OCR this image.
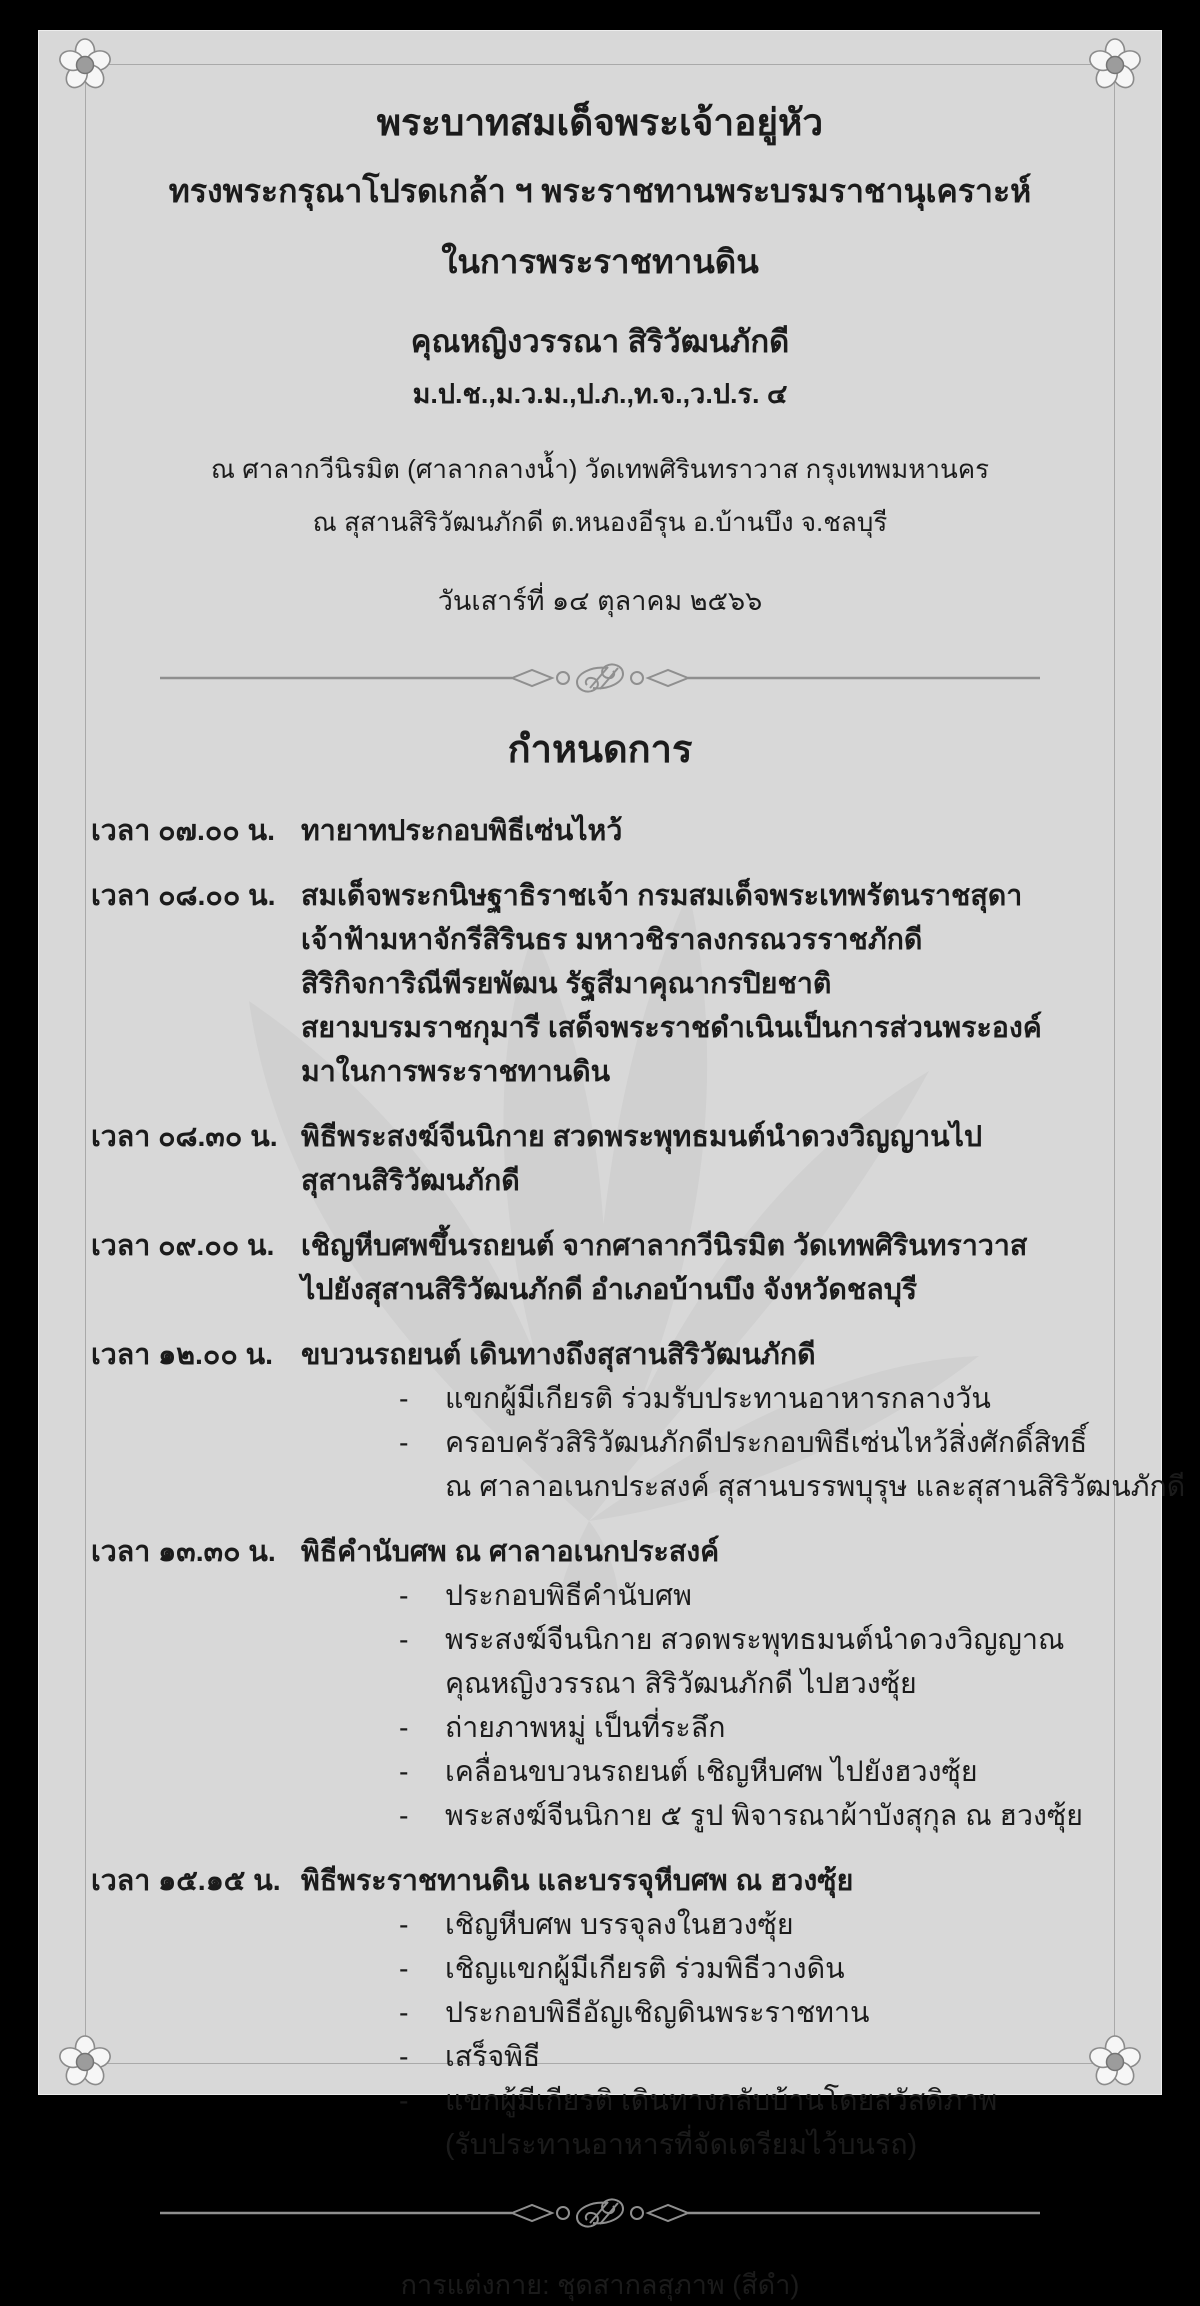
พระบาทสมเด็จพระเจ้าอยู่หัว
ทรงพระกรุณาโปรดเกล้า ฯ พระราชทานพระบรมราชานุเคราะห์
ในการพระราชทานดิน
คุณหญิงวรรณา สิริวัฒนภักดี
ม.ป.ช.,ม.ว.ม.,ป.ภ.,ท.จ.,ว.ป.ร. ๔
ณ ศาลากวีนิรมิต (ศาลากลางน้ำ) วัดเทพศิรินทราวาส กรุงเทพมหานคร
ณ สุสานสิริวัฒนภักดี ต.หนองอีรุน อ.บ้านบึง จ.ชลบุรี
วันเสาร์ที่ ๑๔ ตุลาคม ๒๕๖๖
กำหนดการ
เวลา ๐๗.๐๐ น. ทายาทประกอบพิธีเซ่นไหว้
เวลา ๐๘.๐๐ น. สมเด็จพระกนิษฐาธิราชเจ้า กรมสมเด็จพระเทพรัตนราชสุดา
เจ้าฟ้ามหาจักรีสิรินธร มหาวชิราลงกรณวรราชภักดี
สิริกิจการิณีพีรยพัฒน รัฐสีมาคุณากรปิยชาติ
สยามบรมราชกุมารี เสด็จพระราชดำเนินเป็นการส่วนพระองค์
มาในการพระราชทานดิน
เวลา ๐๘.๓๐ น. พิธีพระสงฆ์จีนนิกาย สวดพระพุทธมนต์นำดวงวิญญานไป
สุสานสิริวัฒนภักดี
เวลา ๐๙.๐๐ น. เชิญหีบศพขึ้นรถยนต์ จากศาลากวีนิรมิต วัดเทพศิรินทราวาส
ไปยังสุสานสิริวัฒนภักดี อำเภอบ้านบึง จังหวัดชลบุรี
เวลา ๑๒.๐๐ น. ขบวนรถยนต์ เดินทางถึงสุสานสิริวัฒนภักดี
-	แขกผู้มีเกียรติ ร่วมรับประทานอาหารกลางวัน
-	ครอบครัวสิริวัฒนภักดีประกอบพิธีเซ่นไหว้สิ่งศักดิ์สิทธิ์
ณ ศาลาอเนกประสงค์ สุสานบรรพบุรุษ และสุสานสิริวัฒนภักดี
เวลา ๑๓.๓๐ น. พิธีคำนับศพ ณ ศาลาอเนกประสงค์
-	ประกอบพิธีคำนับศพ
-	พระสงฆ์จีนนิกาย สวดพระพุทธมนต์นำดวงวิญญาณ
คุณหญิงวรรณา สิริวัฒนภักดี ไปฮวงซุ้ย
-	ถ่ายภาพหมู่ เป็นที่ระลึก
-	เคลื่อนขบวนรถยนต์ เชิญหีบศพ ไปยังฮวงซุ้ย
-	พระสงฆ์จีนนิกาย ๕ รูป พิจารณาผ้าบังสุกุล ณ ฮวงซุ้ย
เวลา ๑๕.๑๕ น. พิธีพระราชทานดิน และบรรจุหีบศพ ณ ฮวงซุ้ย
-	เชิญหีบศพ บรรจุลงในฮวงซุ้ย
-	เชิญแขกผู้มีเกียรติ ร่วมพิธีวางดิน
-	ประกอบพิธีอัญเชิญดินพระราชทาน
-	เสร็จพิธี
-	แขกผู้มีเกียรติ เดินทางกลับบ้านโดยสวัสดิภาพ
(รับประทานอาหารที่จัดเตรียมไว้บนรถ)
การแต่งกาย: ชุดสากลสุภาพ (สีดำ)
